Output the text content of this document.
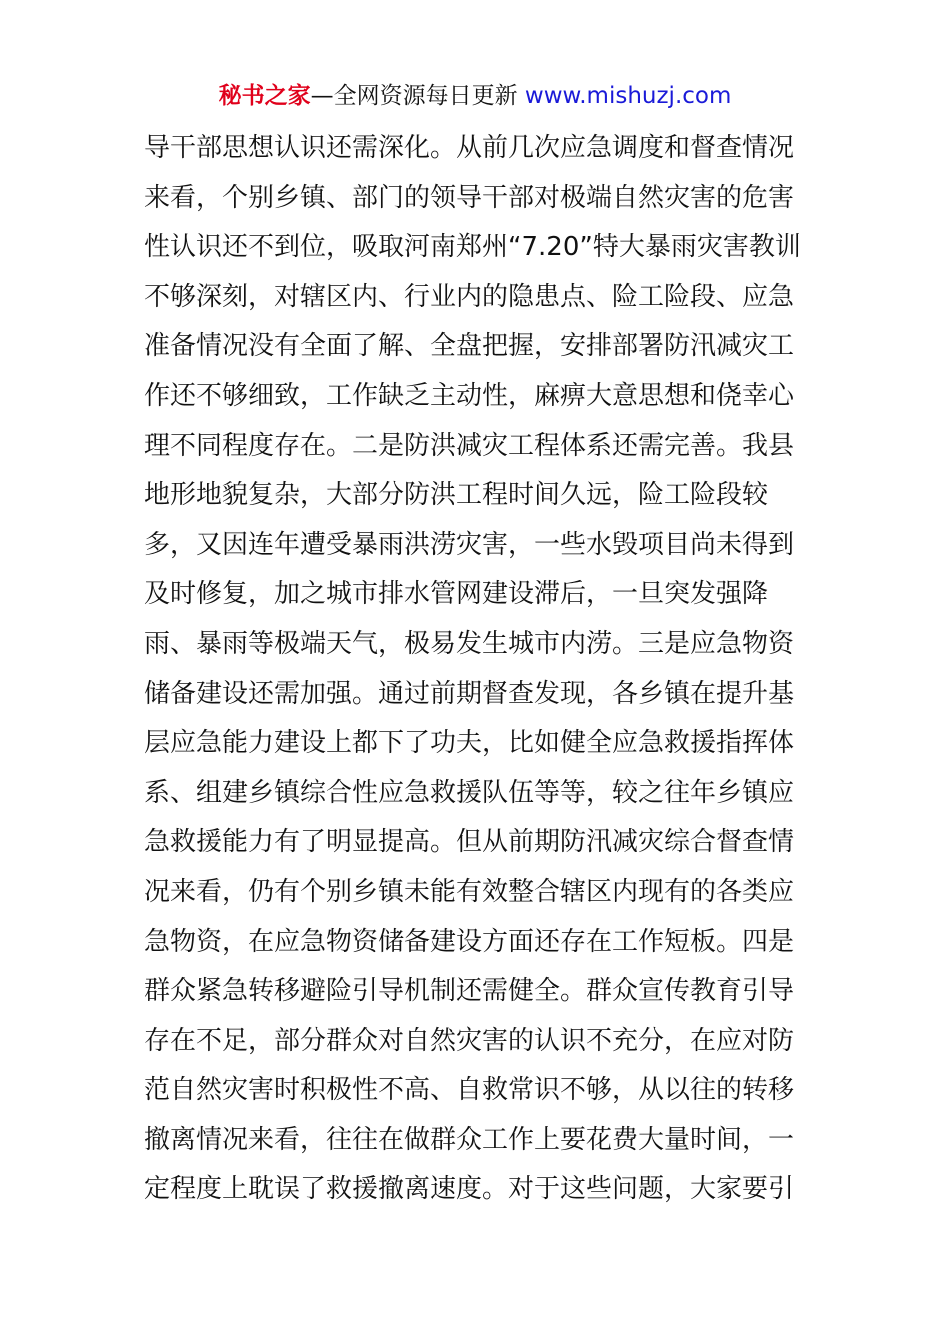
秘书之家—全网资源每日更新 www.mishuzj.com
导干部思想认识还需深化。从前几次应急调度和督查情况
来看，个别乡镇、部门的领导干部对极端自然灾害的危害
性认识还不到位，吸取河南郑州“7.20”特大暴雨灾害教训
不够深刻，对辖区内、行业内的隐患点、险工险段、应急
准备情况没有全面了解、全盘把握，安排部署防汛减灾工
作还不够细致，工作缺乏主动性，麻痹大意思想和侥幸心
理不同程度存在。二是防洪减灾工程体系还需完善。我县
地形地貌复杂，大部分防洪工程时间久远，险工险段较
多，又因连年遭受暴雨洪涝灾害，一些水毁项目尚未得到
及时修复，加之城市排水管网建设滞后，一旦突发强降
雨、暴雨等极端天气，极易发生城市内涝。三是应急物资
储备建设还需加强。通过前期督查发现，各乡镇在提升基
层应急能力建设上都下了功夫，比如健全应急救援指挥体
系、组建乡镇综合性应急救援队伍等等，较之往年乡镇应
急救援能力有了明显提高。但从前期防汛减灾综合督查情
况来看，仍有个别乡镇未能有效整合辖区内现有的各类应
急物资，在应急物资储备建设方面还存在工作短板。四是
群众紧急转移避险引导机制还需健全。群众宣传教育引导
存在不足，部分群众对自然灾害的认识不充分，在应对防
范自然灾害时积极性不高、自救常识不够，从以往的转移
撤离情况来看，往往在做群众工作上要花费大量时间，一
定程度上耽误了救援撤离速度。对于这些问题，大家要引
